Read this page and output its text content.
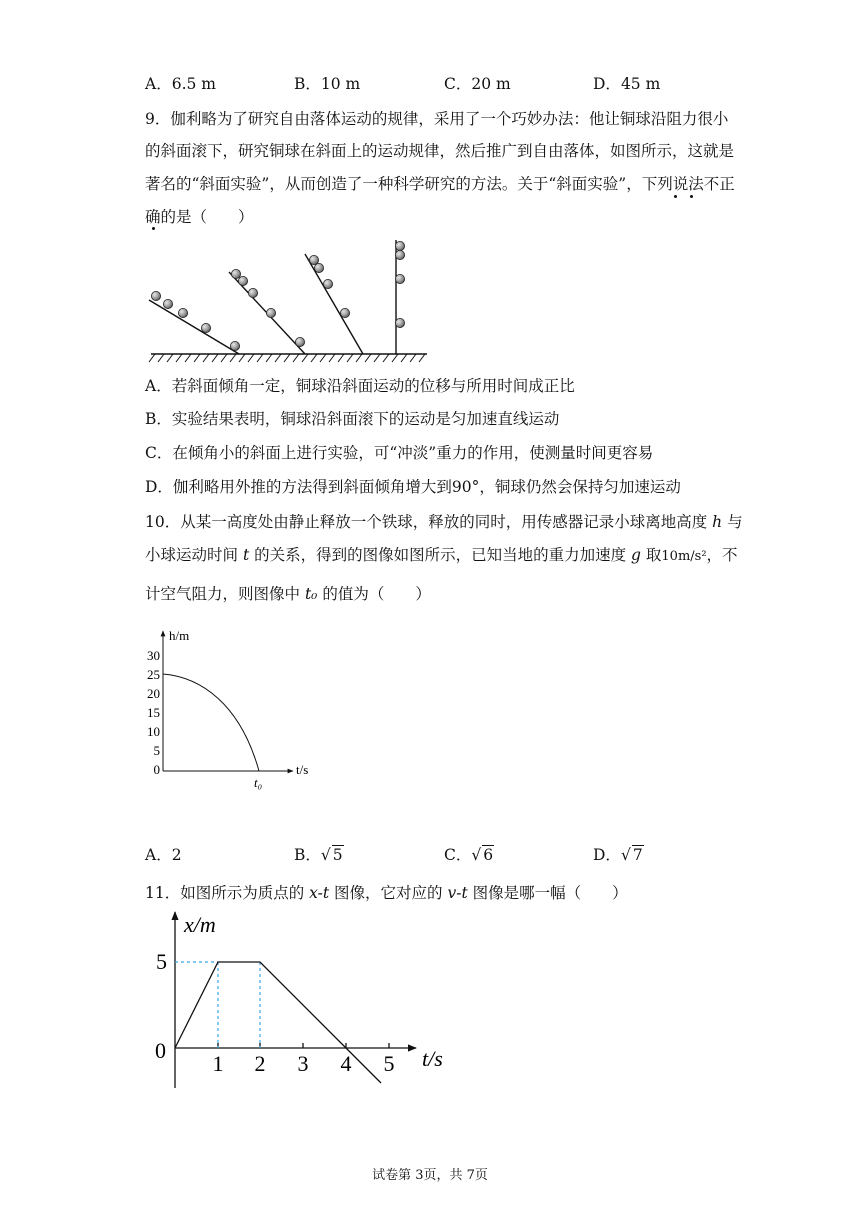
A．6.5 m	B．10 m	C．20 m	D．45 m
9．伽利略为了研究自由落体运动的规律，采用了一个巧妙办法：他让铜球沿阻力很小
的斜面滚下，研究铜球在斜面上的运动规律，然后推广到自由落体，如图所示，这就是
著名的“斜面实验”，从而创造了一种科学研究的方法。关于“斜面实验”，下列说法不正
确的是（　　）
A．若斜面倾角一定，铜球沿斜面运动的位移与所用时间成正比
B．实验结果表明，铜球沿斜面滚下的运动是匀加速直线运动
C．在倾角小的斜面上进行实验，可“冲淡”重力的作用，使测量时间更容易
D．伽利略用外推的方法得到斜面倾角增大到90°，铜球仍然会保持匀加速运动
10．从某一高度处由静止释放一个铁球，释放的同时，用传感器记录小球离地高度 h 与
小球运动时间 t 的关系，得到的图像如图所示，已知当地的重力加速度 g 取10m/s²，不
计空气阻力，则图像中 t₀ 的值为（　　）
h/m
t/s
30
25
20
15
10
5
0
t₀
A．2	B．√ 5	C．√ 6	D．√ 7
11．如图所示为质点的 x-t 图像，它对应的 v-t 图像是哪一幅（　　）
x/m
t/s
5
0
1 2 3 4 5
试卷第 3页，共 7页
